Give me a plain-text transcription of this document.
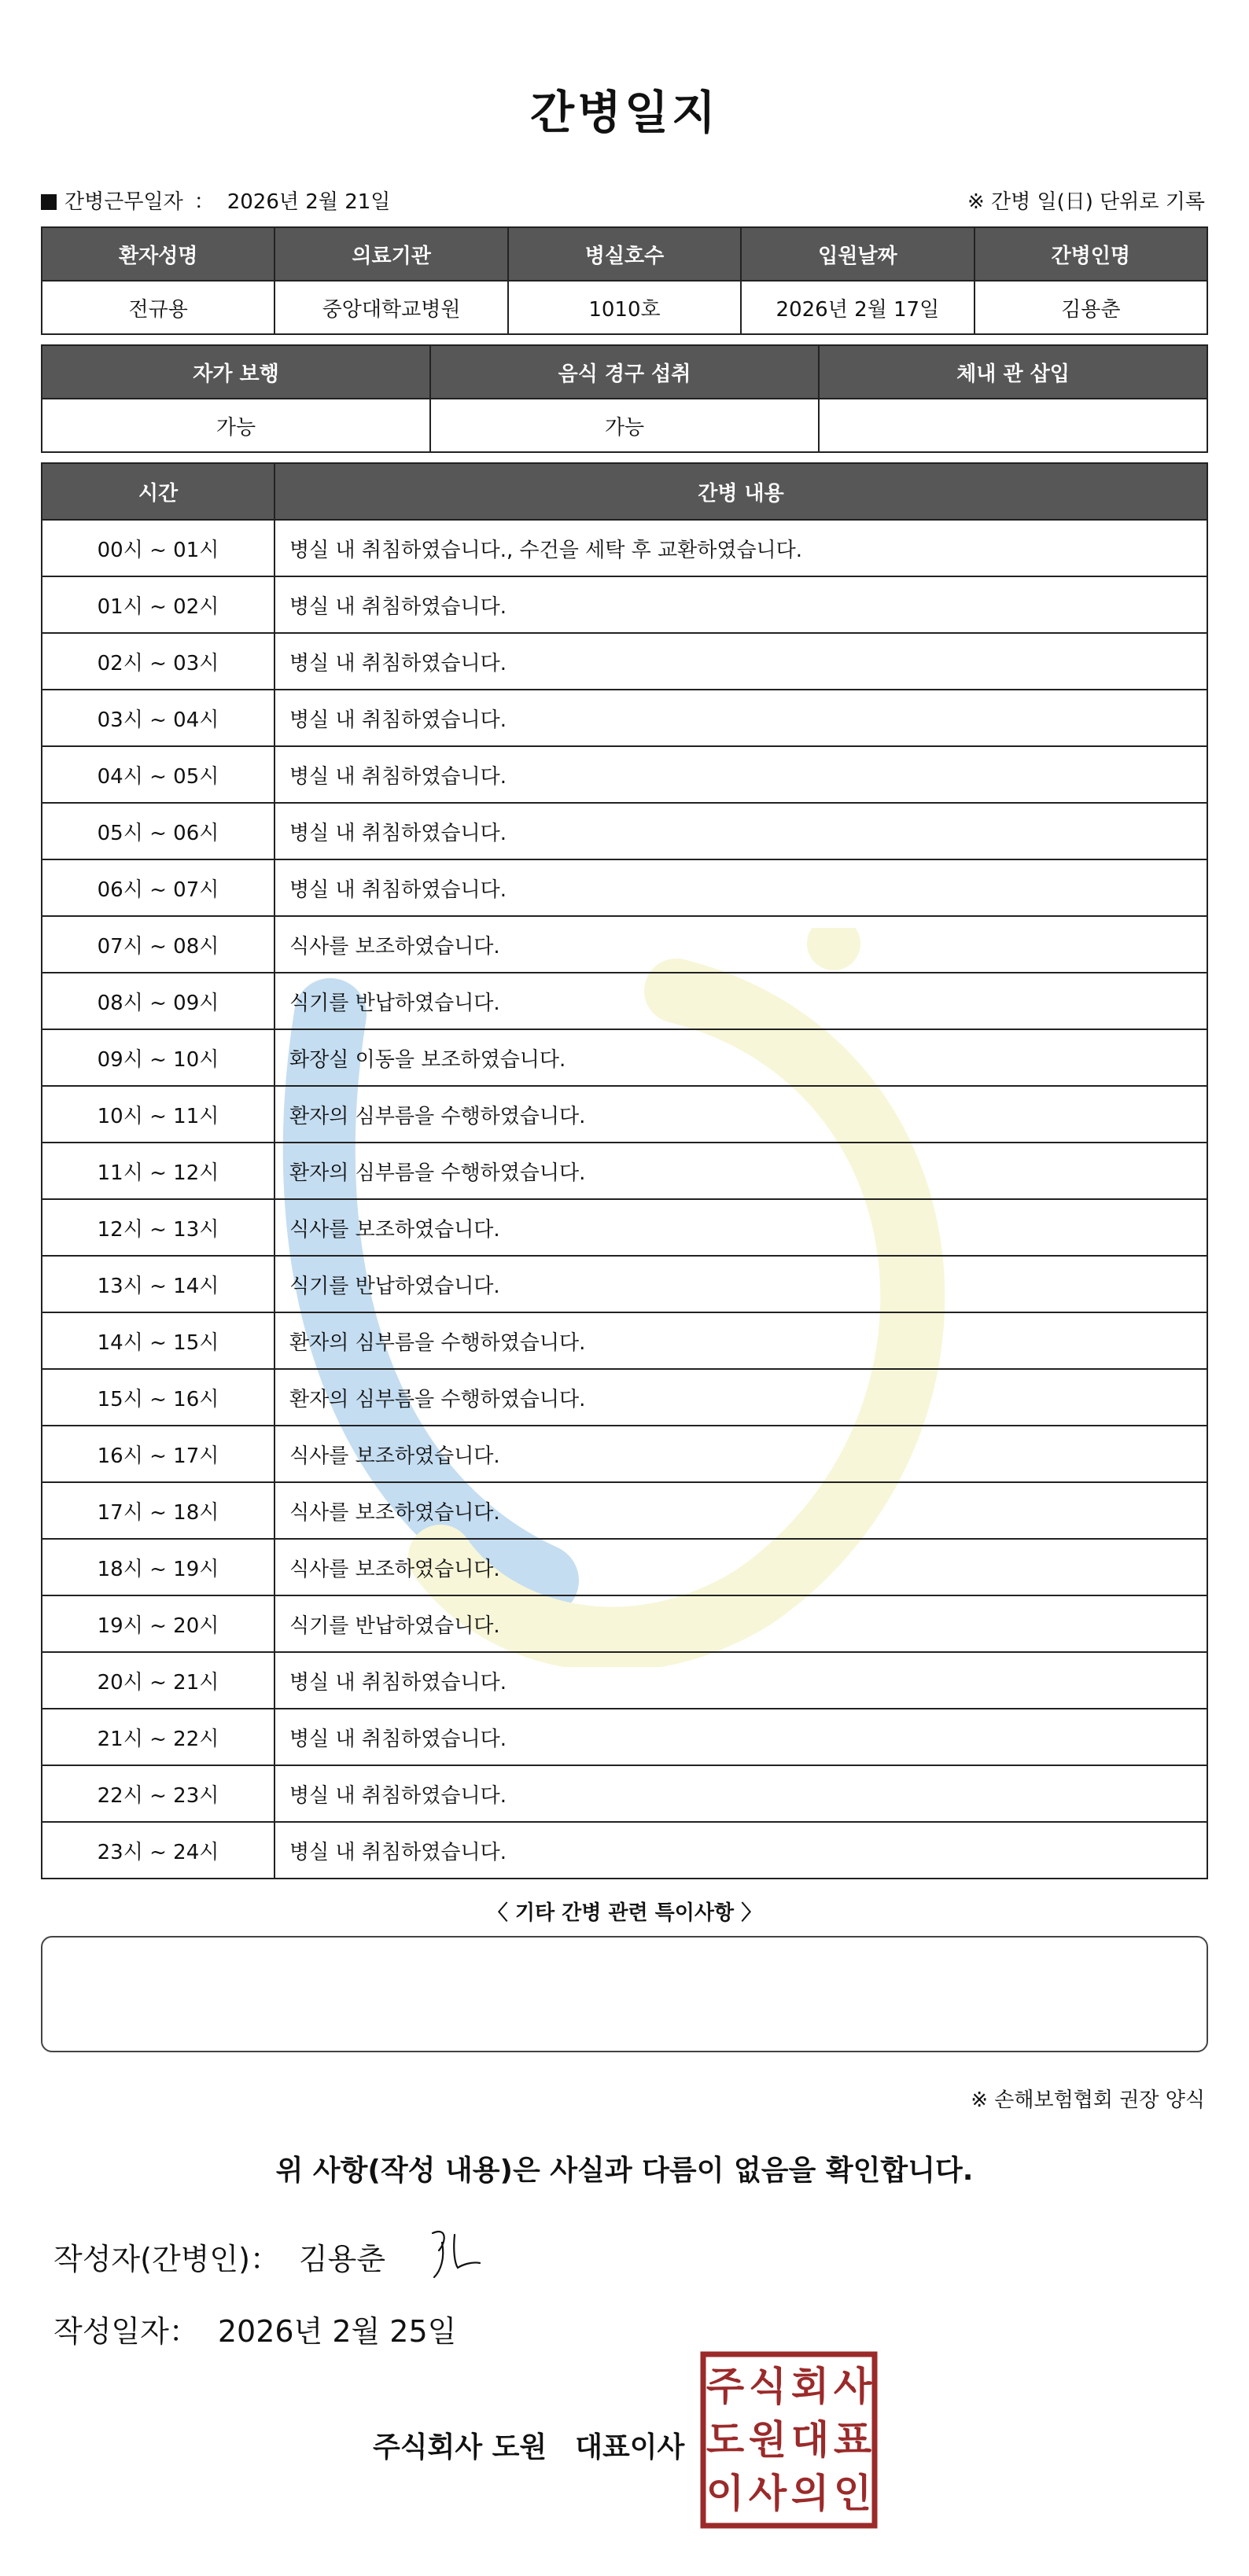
간병일지
간병근무일자 ： 2026년 2월 21일	※ 간병 일(日) 단위로 기록
환자성명	의료기관	병실호수	입원날짜	간병인명
전규용	중앙대학교병원	1010호	2026년 2월 17일	김용춘
자가 보행	음식 경구 섭취	체내 관 삽입
가능	가능	
시간	간병 내용
00시 ~ 01시	병실 내 취침하였습니다., 수건을 세탁 후 교환하였습니다.
01시 ~ 02시	병실 내 취침하였습니다.
02시 ~ 03시	병실 내 취침하였습니다.
03시 ~ 04시	병실 내 취침하였습니다.
04시 ~ 05시	병실 내 취침하였습니다.
05시 ~ 06시	병실 내 취침하였습니다.
06시 ~ 07시	병실 내 취침하였습니다.
07시 ~ 08시	식사를 보조하였습니다.
08시 ~ 09시	식기를 반납하였습니다.
09시 ~ 10시	화장실 이동을 보조하였습니다.
10시 ~ 11시	환자의 심부름을 수행하였습니다.
11시 ~ 12시	환자의 심부름을 수행하였습니다.
12시 ~ 13시	식사를 보조하였습니다.
13시 ~ 14시	식기를 반납하였습니다.
14시 ~ 15시	환자의 심부름을 수행하였습니다.
15시 ~ 16시	환자의 심부름을 수행하였습니다.
16시 ~ 17시	식사를 보조하였습니다.
17시 ~ 18시	식사를 보조하였습니다.
18시 ~ 19시	식사를 보조하였습니다.
19시 ~ 20시	식기를 반납하였습니다.
20시 ~ 21시	병실 내 취침하였습니다.
21시 ~ 22시	병실 내 취침하였습니다.
22시 ~ 23시	병실 내 취침하였습니다.
23시 ~ 24시	병실 내 취침하였습니다.
〈 기타 간병 관련 특이사항 〉
※ 손해보험협회 권장 양식
위 사항(작성 내용)은 사실과 다름이 없음을 확인합니다.
작성자(간병인)： 김용춘
작성일자： 2026년 2월 25일
주식회사 도원 대표이사
주 식 회 사
도 원 대 표
이 사 의 인
